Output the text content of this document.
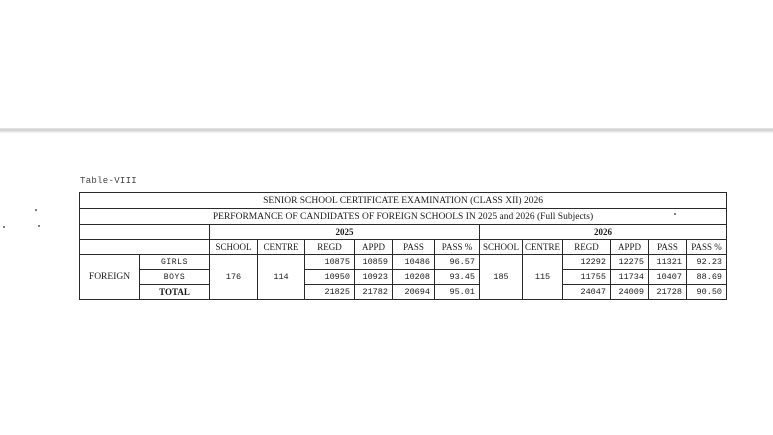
Table-VIII
SENIOR SCHOOL CERTIFICATE EXAMINATION (CLASS XII) 2026													
PERFORMANCE OF CANDIDATES OF FOREIGN SCHOOLS IN 2025 and 2026 (Full Subjects)													
		2025						2026					
		SCHOOL	CENTRE	REGD	APPD	PASS	PASS %	SCHOOL	CENTRE	REGD	APPD	PASS	PASS %
FOREIGN	GIRLS	176	114	10875	10859	10486	96.57	185	115	12292	12275	11321	92.23
	BOYS			10950	10923	10208	93.45			11755	11734	10407	88.69
	TOTAL			21825	21782	20694	95.01			24047	24009	21728	90.50
